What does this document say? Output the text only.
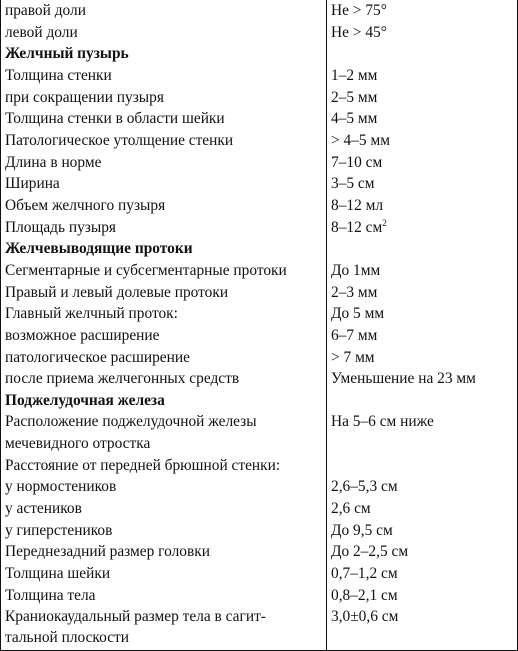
правой доли	Не > 75°

левой доли	Не > 45°

Желчный пузырь	

Толщина стенки	1–2 мм

при сокращении пузыря	2–5 мм

Толщина стенки в области шейки	4–5 мм

Патологическое утолщение стенки	> 4–5 мм

Длина в норме	7–10 см

Ширина	3–5 см

Объем желчного пузыря	8–12 мл

Площадь пузыря	8–12 $см^2$

Желчевыводящие протоки	

Сегментарные и субсегментарные протоки	До 1мм

Правый и левый долевые протоки	2–3 мм

Главный желчный проток:	До 5 мм

возможное расширение	6–7 мм

патологическое расширение	> 7 мм

после приема желчегонных средств	Уменьшение на 23 мм

Поджелудочная железа	

Расположение поджелудочной железы
мечевидного отростка	На 5–6 см ниже

Расстояние от передней брюшной стенки:	

у нормостеников	2,6–5,3 см

у астеников	2,6 см

у гиперстеников	До 9,5 см

Переднезадний размер головки	До 2–2,5 см

Толщина шейки	0,7–1,2 см

Толщина тела	0,8–2,1 см

Краниокаудальный размер тела в сагит-
тальной плоскости	3,0±0,6 см
